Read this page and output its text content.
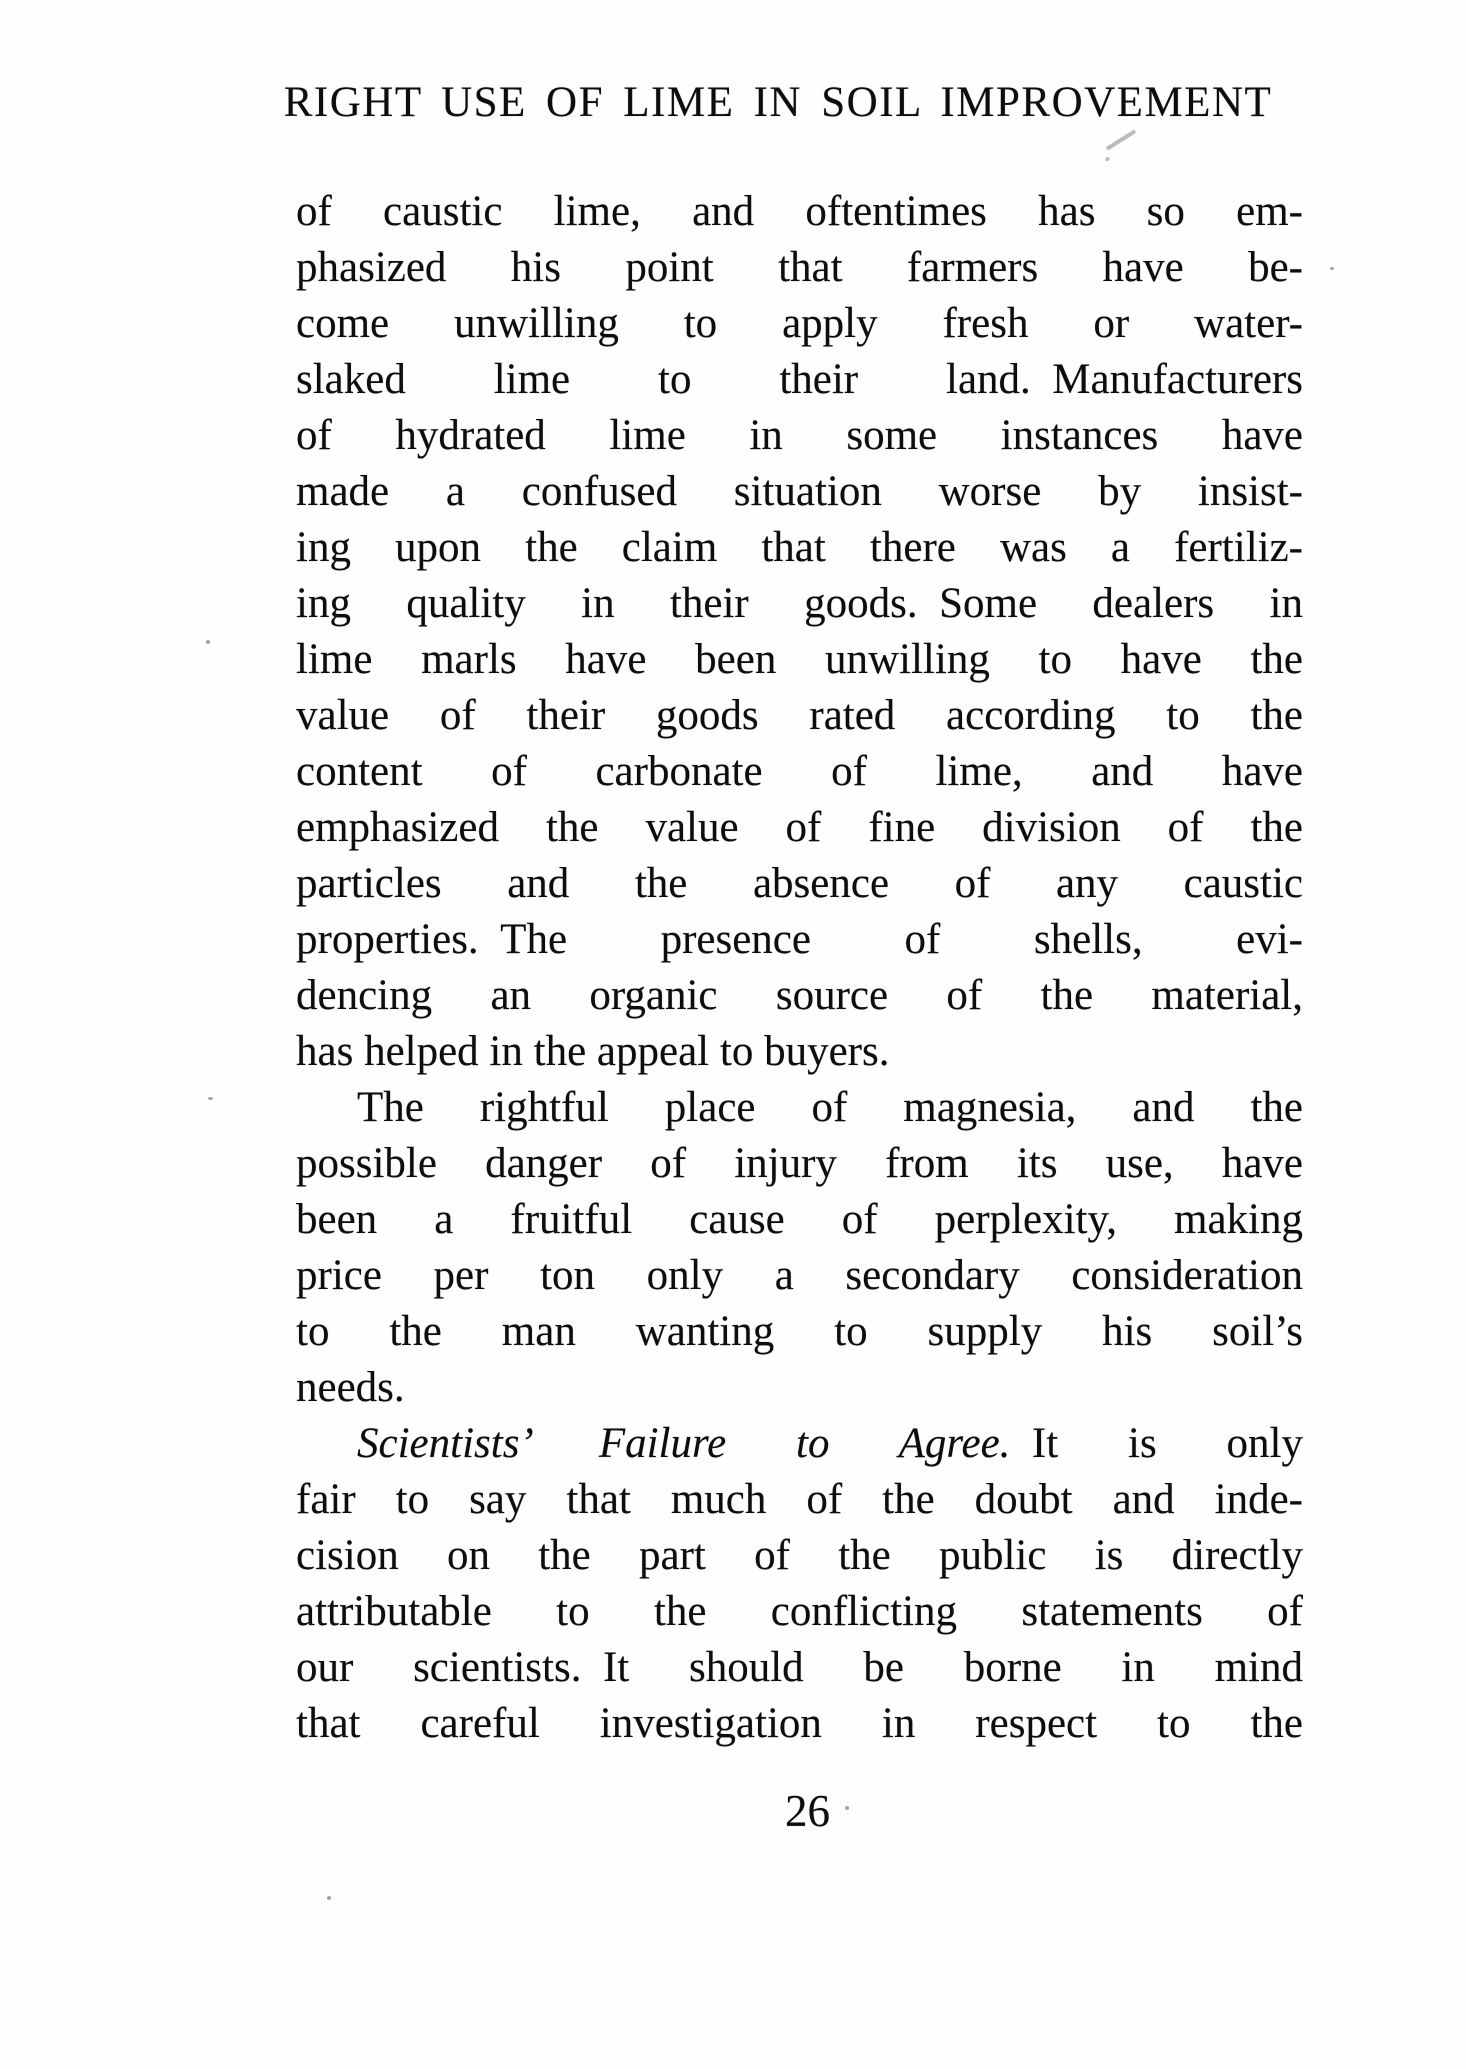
RIGHT USE OF LIME IN SOIL IMPROVEMENT
of caustic lime, and oftentimes has so em-
phasized his point that farmers have be-
come unwilling to apply fresh or water-
slaked lime to their land. Manufacturers
of hydrated lime in some instances have
made a confused situation worse by insist-
ing upon the claim that there was a fertiliz-
ing quality in their goods. Some dealers in
lime marls have been unwilling to have the
value of their goods rated according to the
content of carbonate of lime, and have
emphasized the value of fine division of the
particles and the absence of any caustic
properties. The presence of shells, evi-
dencing an organic source of the material,
has helped in the appeal to buyers.
The rightful place of magnesia, and the
possible danger of injury from its use, have
been a fruitful cause of perplexity, making
price per ton only a secondary consideration
to the man wanting to supply his soil’s
needs.
Scientists’ Failure to Agree. It is only
fair to say that much of the doubt and inde-
cision on the part of the public is directly
attributable to the conflicting statements of
our scientists. It should be borne in mind
that careful investigation in respect to the
26
